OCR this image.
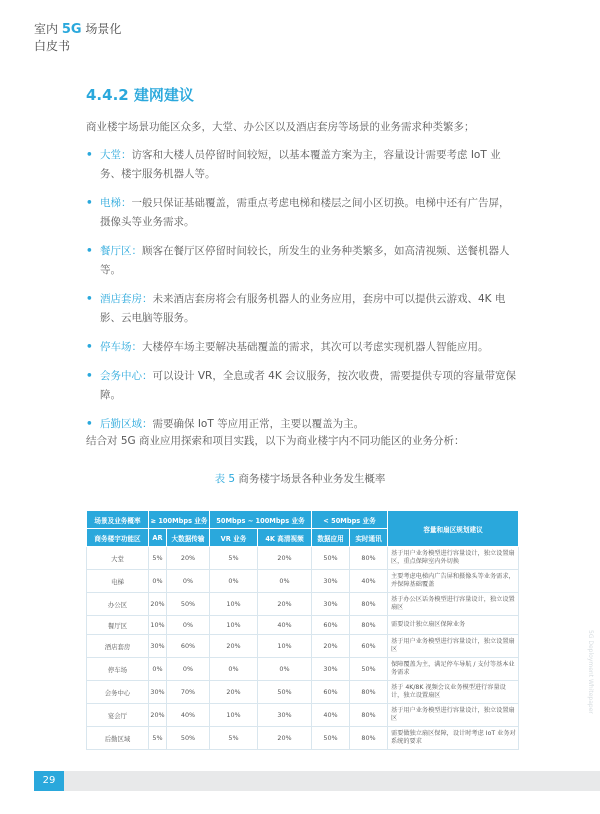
室内 5G 场景化
白皮书
4.4.2 建网建议
商业楼宇场景功能区众多，大堂、办公区以及酒店套房等场景的业务需求种类繁多；
• 大堂：访客和大楼人员停留时间较短，以基本覆盖方案为主，容量设计需要考虑 IoT 业务、楼宇服务机器人等。
• 电梯：一般只保证基础覆盖，需重点考虑电梯和楼层之间小区切换。电梯中还有广告屏，摄像头等业务需求。
• 餐厅区：顾客在餐厅区停留时间较长，所发生的业务种类繁多，如高清视频、送餐机器人等。
• 酒店套房：未来酒店套房将会有服务机器人的业务应用，套房中可以提供云游戏、4K 电影、云电脑等服务。
• 停车场：大楼停车场主要解决基础覆盖的需求，其次可以考虑实现机器人智能应用。
• 会务中心：可以设计 VR，全息或者 4K 会议服务，按次收费，需要提供专项的容量带宽保障。
• 后勤区域：需要确保 IoT 等应用正常，主要以覆盖为主。
结合对 5G 商业应用探索和项目实践，以下为商业楼宇内不同功能区的业务分析：
表 5 商务楼宇场景各种业务发生概率
场景及业务概率	≥ 100Mbps 业务		50Mbps ~ 100Mbps 业务		< 50Mbps 业务		容量和扇区规划建议
商务楼宇功能区	AR	大数据传输	VR 业务	4K 高清视频	数据应用	实时通讯	
大堂	5%	20%	5%	20%	50%	80%	基于用户业务模型进行容量设计，独立设置扇区，重点保障室内外切换
电梯	0%	0%	0%	0%	30%	40%	主要考虑电梯内广告屏和摄像头等业务需求，并保障基础覆盖
办公区	20%	50%	10%	20%	30%	80%	基于办公区话务模型进行容量设计，独立设置扇区
餐厅区	10%	0%	10%	40%	60%	80%	需要设计独立扇区保障业务
酒店套房	30%	60%	20%	10%	20%	60%	基于用户业务模型进行容量设计，独立设置扇区
停车场	0%	0%	0%	0%	30%	50%	保障覆盖为主，满足停车导航 / 支付等基本业务需求
会务中心	30%	70%	20%	50%	60%	80%	基于 4K/8K 视频会议业务模型进行容量设计，独立设置扇区
宴会厅	20%	40%	10%	30%	40%	80%	基于用户业务模型进行容量设计，独立设置扇区
后勤区域	5%	50%	5%	20%	50%	80%	需要做独立扇区保障，设计时考虑 IoT 业务对系统的要求
5G Deployment Whitepaper
29
